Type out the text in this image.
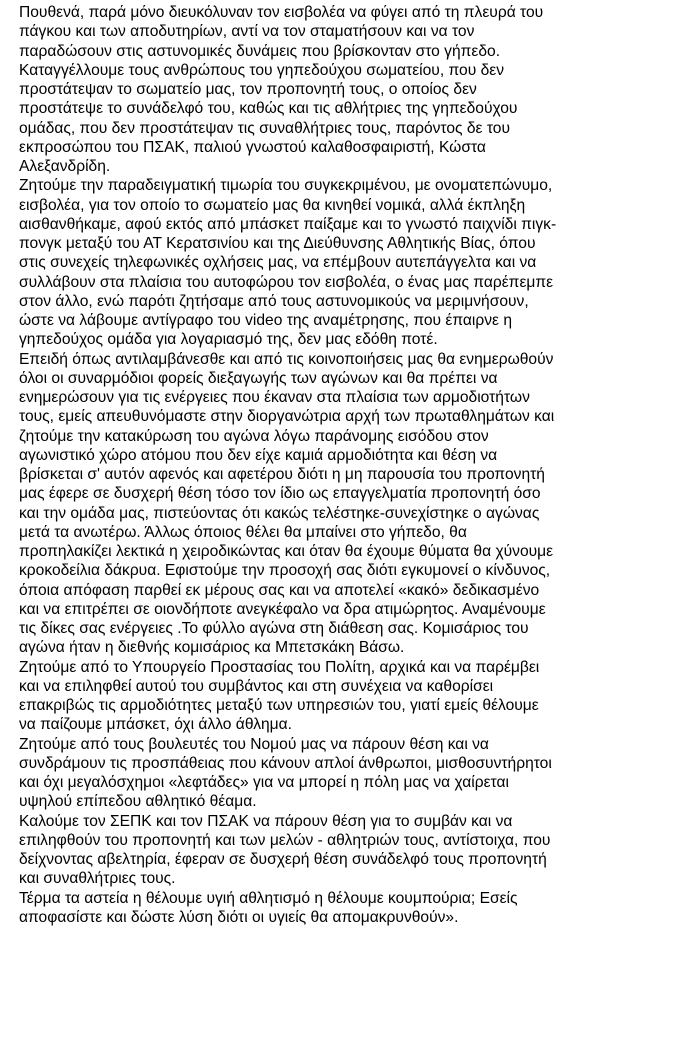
Πουθενά, παρά μόνο διευκόλυναν τον εισβολέα να φύγει από τη πλευρά του
πάγκου και των αποδυτηρίων, αντί να τον σταματήσουν και να τον
παραδώσουν στις αστυνομικές δυνάμεις που βρίσκονταν στο γήπεδο.
Καταγγέλλουμε τους ανθρώπους του γηπεδούχου σωματείου, που δεν
προστάτεψαν το σωματείο μας, τον προπονητή τους, ο οποίος δεν
προστάτεψε το συνάδελφό του, καθώς και τις αθλήτριες της γηπεδούχου
ομάδας, που δεν προστάτεψαν τις συναθλήτριες τους, παρόντος δε του
εκπροσώπου του ΠΣΑΚ, παλιού γνωστού καλαθοσφαιριστή, Κώστα
Αλεξανδρίδη.
Ζητούμε την παραδειγματική τιμωρία του συγκεκριμένου, με ονοματεπώνυμο,
εισβολέα, για τον οποίο το σωματείο μας θα κινηθεί νομικά, αλλά έκπληξη
αισθανθήκαμε, αφού εκτός από μπάσκετ παίξαμε και το γνωστό παιχνίδι πιγκ-
πονγκ μεταξύ του ΑΤ Κερατσινίου και της Διεύθυνσης Αθλητικής Βίας, όπου
στις συνεχείς τηλεφωνικές οχλήσεις μας, να επέμβουν αυτεπάγγελτα και να
συλλάβουν στα πλαίσια του αυτοφώρου τον εισβολέα, ο ένας μας παρέπεμπε
στον άλλο, ενώ παρότι ζητήσαμε από τους αστυνομικούς να μεριμνήσουν,
ώστε να λάβουμε αντίγραφο του video της αναμέτρησης, που έπαιρνε η
γηπεδούχος ομάδα για λογαριασμό της, δεν μας εδόθη ποτέ.
Επειδή όπως αντιλαμβάνεσθε και από τις κοινοποιήσεις μας θα ενημερωθούν
όλοι οι συναρμόδιοι φορείς διεξαγωγής των αγώνων και θα πρέπει να
ενημερώσουν για τις ενέργειες που έκαναν στα πλαίσια των αρμοδιοτήτων
τους, εμείς απευθυνόμαστε στην διοργανώτρια αρχή των πρωταθλημάτων και
ζητούμε την κατακύρωση του αγώνα λόγω παράνομης εισόδου στον
αγωνιστικό χώρο ατόμου που δεν είχε καμιά αρμοδιότητα και θέση να
βρίσκεται σ' αυτόν αφενός και αφετέρου διότι η μη παρουσία του προπονητή
μας έφερε σε δυσχερή θέση τόσο τον ίδιο ως επαγγελματία προπονητή όσο
και την ομάδα μας, πιστεύοντας ότι κακώς τελέστηκε-συνεχίστηκε ο αγώνας
μετά τα ανωτέρω. Άλλως όποιος θέλει θα μπαίνει στο γήπεδο, θα
προπηλακίζει λεκτικά η χειροδικώντας και όταν θα έχουμε θύματα θα χύνουμε
κροκοδείλια δάκρυα. Εφιστούμε την προσοχή σας διότι εγκυμονεί ο κίνδυνος,
όποια απόφαση παρθεί εκ μέρους σας και να αποτελεί «κακό» δεδικασμένο
και να επιτρέπει σε οιονδήποτε ανεγκέφαλο να δρα ατιμώρητος. Αναμένουμε
τις δίκες σας ενέργειες .Το φύλλο αγώνα στη διάθεση σας. Κομισάριος του
αγώνα ήταν η διεθνής κομισάριος κα Μπετσκάκη Βάσω.
Ζητούμε από το Υπουργείο Προστασίας του Πολίτη, αρχικά και να παρέμβει
και να επιληφθεί αυτού του συμβάντος και στη συνέχεια να καθορίσει
επακριβώς τις αρμοδιότητες μεταξύ των υπηρεσιών του, γιατί εμείς θέλουμε
να παίζουμε μπάσκετ, όχι άλλο άθλημα.
Ζητούμε από τους βουλευτές του Νομού μας να πάρουν θέση και να
συνδράμουν τις προσπάθειας που κάνουν απλοί άνθρωποι, μισθοσυντήρητοι
και όχι μεγαλόσχημοι «λεφτάδες» για να μπορεί η πόλη μας να χαίρεται
υψηλού επίπεδου αθλητικό θέαμα.
Καλούμε τον ΣΕΠΚ και τον ΠΣΑΚ να πάρουν θέση για το συμβάν και να
επιληφθούν του προπονητή και των μελών - αθλητριών τους, αντίστοιχα, που
δείχνοντας αβελτηρία, έφεραν σε δυσχερή θέση συνάδελφό τους προπονητή
και συναθλήτριες τους.
Τέρμα τα αστεία η θέλουμε υγιή αθλητισμό η θέλουμε κουμπούρια; Εσείς
αποφασίστε και δώστε λύση διότι οι υγιείς θα απομακρυνθούν».
